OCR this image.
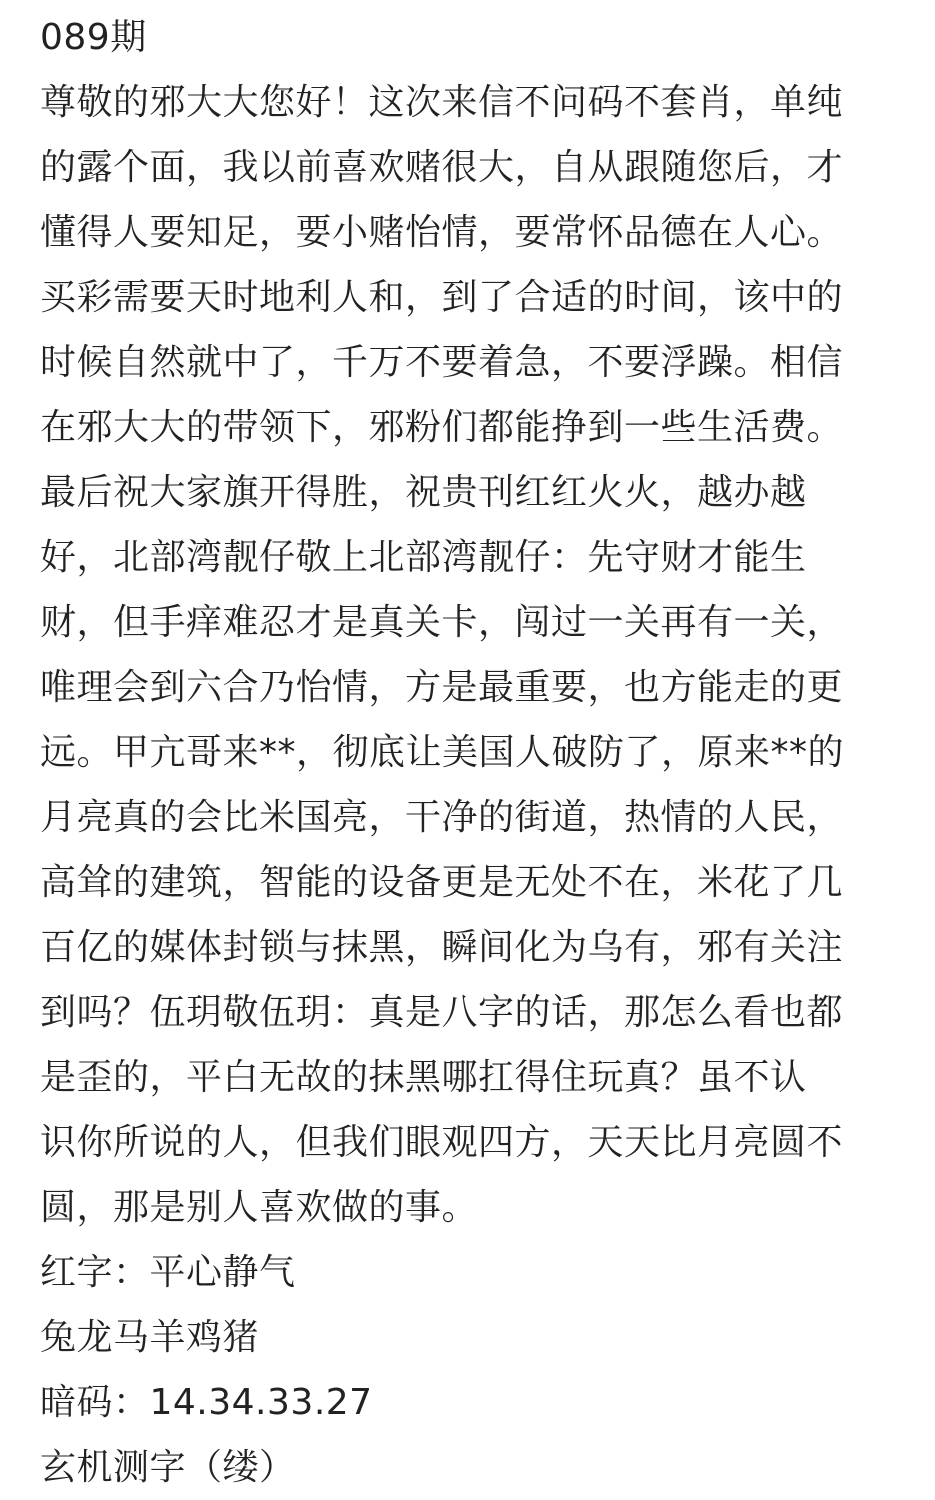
089期
尊敬的邪大大您好！这次来信不问码不套肖，单纯
的露个面，我以前喜欢赌很大，自从跟随您后，才
懂得人要知足，要小赌怡情，要常怀品德在人心。
买彩需要天时地利人和，到了合适的时间，该中的
时候自然就中了，千万不要着急，不要浮躁。相信
在邪大大的带领下，邪粉们都能挣到一些生活费。
最后祝大家旗开得胜，祝贵刊红红火火，越办越
好，北部湾靓仔敬上北部湾靓仔：先守财才能生
财，但手痒难忍才是真关卡，闯过一关再有一关，
唯理会到六合乃怡情，方是最重要，也方能走的更
远。甲亢哥来**，彻底让美国人破防了，原来**的
月亮真的会比米国亮，干净的街道，热情的人民，
高耸的建筑，智能的设备更是无处不在，米花了几
百亿的媒体封锁与抹黑，瞬间化为乌有，邪有关注
到吗？伍玥敬伍玥：真是八字的话，那怎么看也都
是歪的，平白无故的抹黑哪扛得住玩真？虽不认
识你所说的人，但我们眼观四方，天天比月亮圆不
圆，那是别人喜欢做的事。
红字：平心静气
兔龙马羊鸡猪
暗码：14.34.33.27
玄机测字（缕）
